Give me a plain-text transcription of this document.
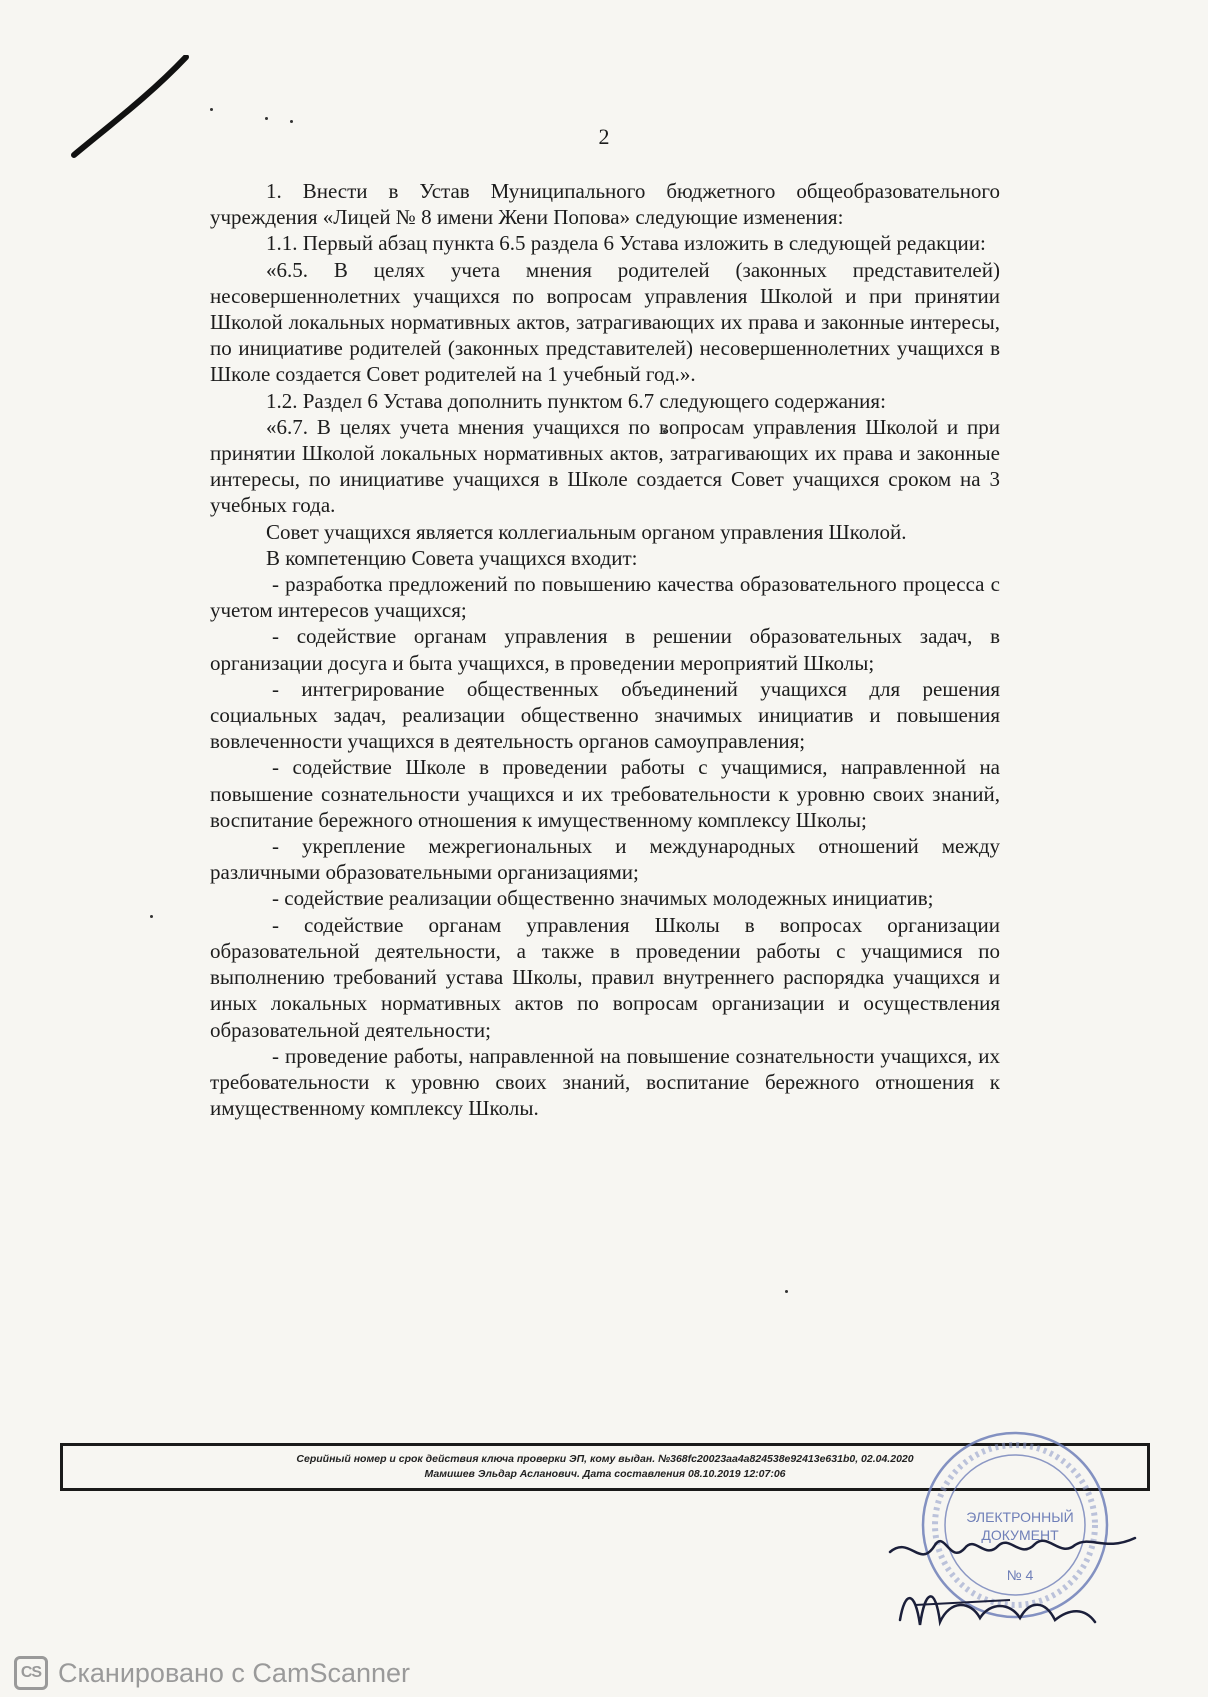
2

1. Внести в Устав Муниципального бюджетного общеобразовательного учреждения «Лицей № 8 имени Жени Попова» следующие изменения:

1.1. Первый абзац пункта 6.5 раздела 6 Устава изложить в следующей редакции:

«6.5. В целях учета мнения родителей (законных представителей) несовершеннолетних учащихся по вопросам управления Школой и при принятии Школой локальных нормативных актов, затрагивающих их права и законные интересы, по инициативе родителей (законных представителей) несовершеннолетних учащихся в Школе создается Совет родителей на 1 учебный год.».

1.2. Раздел 6 Устава дополнить пунктом 6.7 следующего содержания:

«6.7. В целях учета мнения учащихся по вопросам управления Школой и при принятии Школой локальных нормативных актов, затрагивающих их права и законные интересы, по инициативе учащихся в Школе создается Совет учащихся сроком на 3 учебных года.

Совет учащихся является коллегиальным органом управления Школой.

В компетенцию Совета учащихся входит:

- разработка предложений по повышению качества образовательного процесса с учетом интересов учащихся;

- содействие органам управления в решении образовательных задач, в организации досуга и быта учащихся, в проведении мероприятий Школы;

- интегрирование общественных объединений учащихся для решения социальных задач, реализации общественно значимых инициатив и повышения вовлеченности учащихся в деятельность органов самоуправления;

- содействие Школе в проведении работы с учащимися, направленной на повышение сознательности учащихся и их требовательности к уровню своих знаний, воспитание бережного отношения к имущественному комплексу Школы;

- укрепление межрегиональных и международных отношений между различными образовательными организациями;

- содействие реализации общественно значимых молодежных инициатив;

- содействие органам управления Школы в вопросах организации образовательной деятельности, а также в проведении работы с учащимися по выполнению требований устава Школы, правил внутреннего распорядка учащихся и иных локальных нормативных актов по вопросам организации и осуществления образовательной деятельности;

- проведение работы, направленной на повышение сознательности учащихся, их требовательности к уровню своих знаний, воспитание бережного отношения к имущественному комплексу Школы.

Серийный номер и срок действия ключа проверки ЭП, кому выдан. №368fc20023aa4a824538e92413e631b0, 02.04.2020
Мамишев Эльдар Асланович. Дата составления 08.10.2019 12:07:06
ЭЛЕКТРОННЫЙ ДОКУМЕНТ
№ 4
CS Сканировано с CamScanner
